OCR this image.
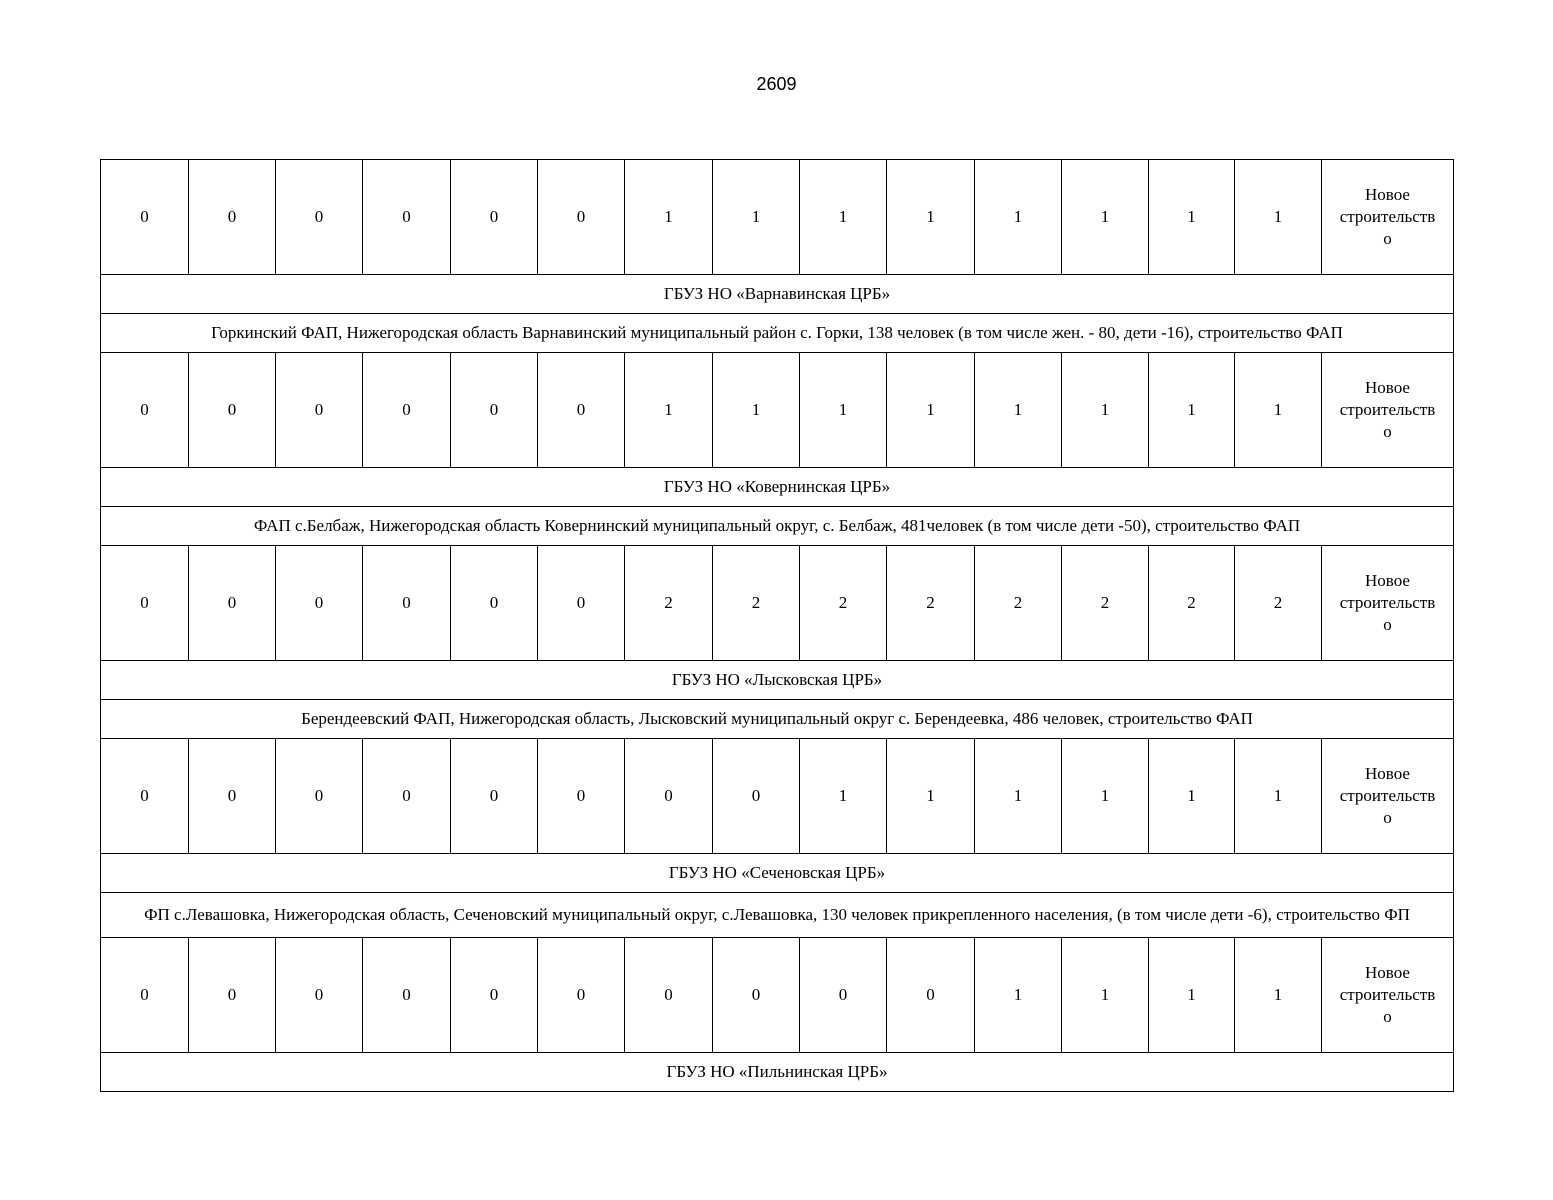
2609
0	0	0	0	0	0	1	1	1	1	1	1	1	1	Новое
строительств
о

ГБУЗ НО «Варнавинская ЦРБ»														
Горкинский ФАП, Нижегородская область Варнавинский муниципальный район с. Горки, 138 человек (в том числе жен. - 80, дети -16), строительство ФАП														
0	0	0	0	0	0	1	1	1	1	1	1	1	1	Новое
строительств
о

ГБУЗ НО «Ковернинская ЦРБ»														
ФАП с.Белбаж, Нижегородская область Ковернинский муниципальный округ, с. Белбаж, 481человек (в том числе дети -50), строительство ФАП														
0	0	0	0	0	0	2	2	2	2	2	2	2	2	Новое
строительств
о

ГБУЗ НО «Лысковская ЦРБ»														
Берендеевский ФАП, Нижегородская область, Лысковский муниципальный округ с. Берендеевка, 486 человек, строительство ФАП														
0	0	0	0	0	0	0	0	1	1	1	1	1	1	Новое
строительств
о

ГБУЗ НО «Сеченовская ЦРБ»														
ФП с.Левашовка, Нижегородская область, Сеченовский муниципальный округ, с.Левашовка, 130 человек прикрепленного населения, (в том числе дети -6), строительство ФП														
0	0	0	0	0	0	0	0	0	0	1	1	1	1	Новое
строительств
о

ГБУЗ НО «Пильнинская ЦРБ»														
